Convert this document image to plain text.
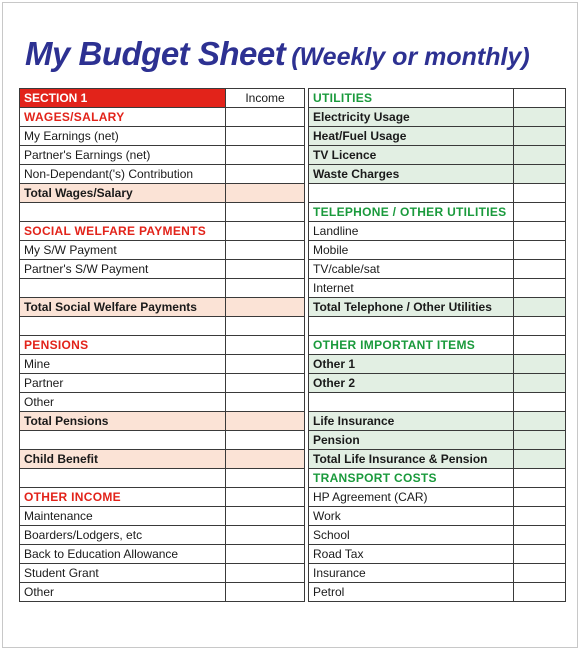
My Budget Sheet (Weekly or monthly)
SECTION 1	Income
WAGES/SALARY	
My Earnings (net)	
Partner's Earnings (net)	
Non-Dependant('s) Contribution	
Total Wages/Salary	

SOCIAL WELFARE PAYMENTS	
My S/W Payment	
Partner's S/W Payment	

Total Social Welfare Payments	

PENSIONS	
Mine	
Partner	
Other	
Total Pensions	

Child Benefit	

OTHER INCOME	
Maintenance	
Boarders/Lodgers, etc	
Back to Education Allowance	
Student Grant	
Other	
UTILITIES	
Electricity Usage	
Heat/Fuel Usage	
TV Licence	
Waste Charges	

TELEPHONE / OTHER UTILITIES	
Landline	
Mobile	
TV/cable/sat	
Internet	
Total Telephone / Other Utilities	

OTHER IMPORTANT ITEMS	
Other 1	
Other 2	

Life Insurance	
Pension	
Total Life Insurance & Pension	
TRANSPORT COSTS	
HP Agreement (CAR)	
Work	
School	
Road Tax	
Insurance	
Petrol	
